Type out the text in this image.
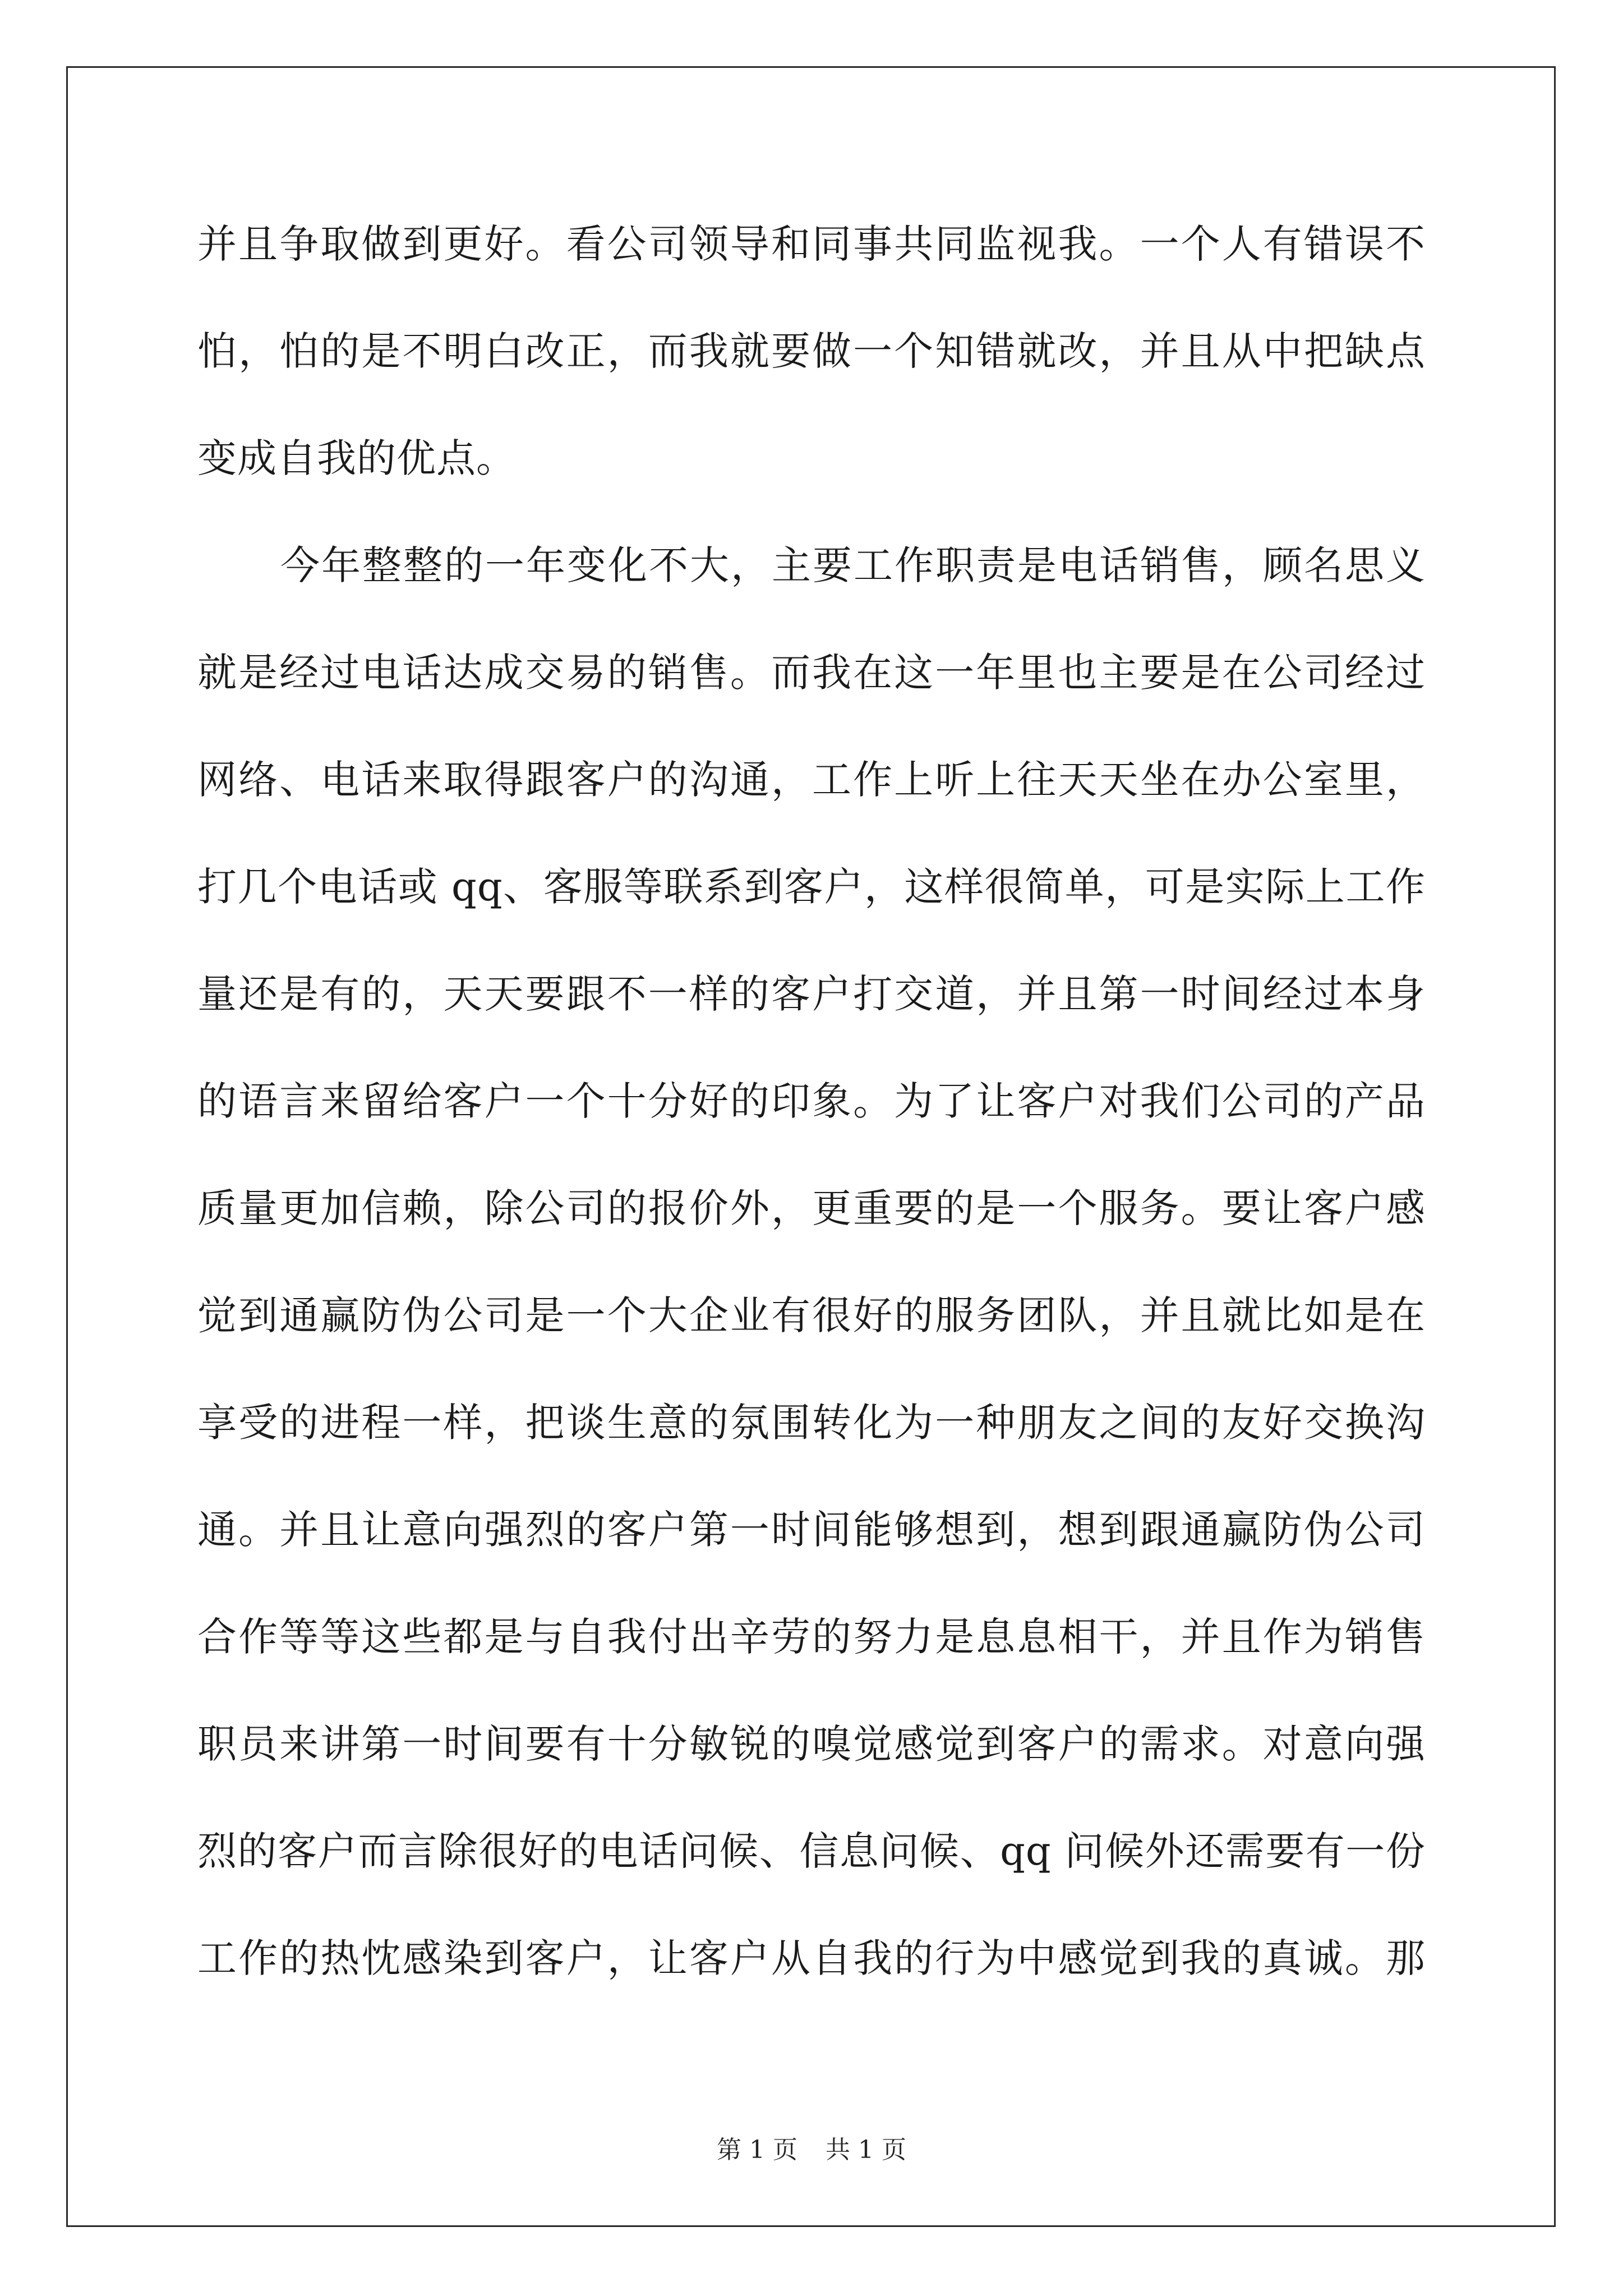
并且争取做到更好。看公司领导和同事共同监视我。一个人有错误不
怕，怕的是不明白改正，而我就要做一个知错就改，并且从中把缺点
变成自我的优点。
今年整整的一年变化不大，主要工作职责是电话销售，顾名思义
就是经过电话达成交易的销售。而我在这一年里也主要是在公司经过
网络、电话来取得跟客户的沟通，工作上听上往天天坐在办公室里，
打几个电话或 qq、客服等联系到客户，这样很简单，可是实际上工作
量还是有的，天天要跟不一样的客户打交道，并且第一时间经过本身
的语言来留给客户一个十分好的印象。为了让客户对我们公司的产品
质量更加信赖，除公司的报价外，更重要的是一个服务。要让客户感
觉到通赢防伪公司是一个大企业有很好的服务团队，并且就比如是在
享受的进程一样，把谈生意的氛围转化为一种朋友之间的友好交换沟
通。并且让意向强烈的客户第一时间能够想到，想到跟通赢防伪公司
合作等等这些都是与自我付出辛劳的努力是息息相干，并且作为销售
职员来讲第一时间要有十分敏锐的嗅觉感觉到客户的需求。对意向强
烈的客户而言除很好的电话问候、信息问候、qq 问候外还需要有一份
工作的热忱感染到客户，让客户从自我的行为中感觉到我的真诚。那
第 1 页 共 1 页
